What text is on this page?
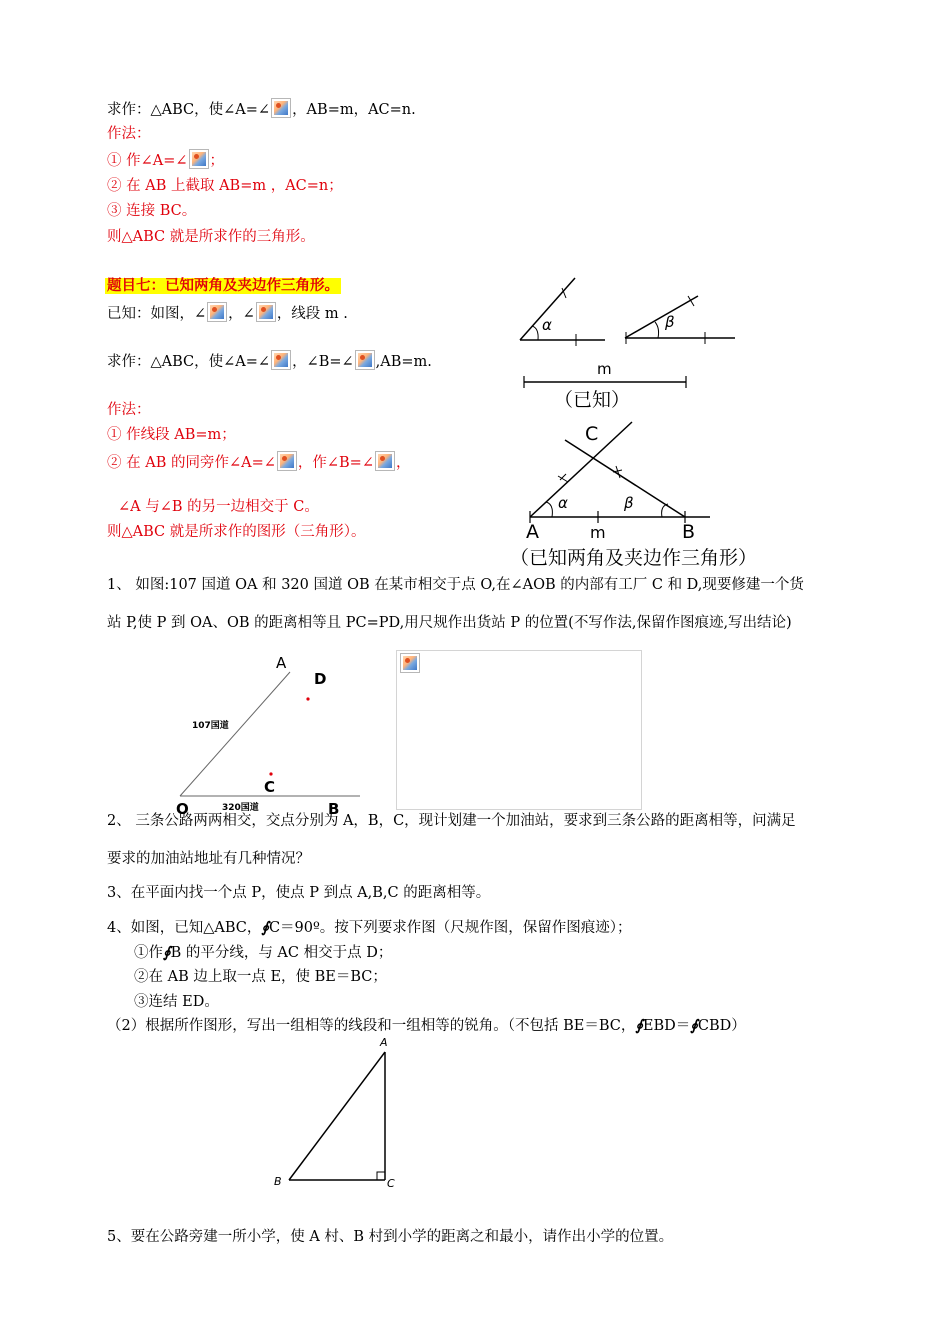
求作：△ABC，使∠A=∠ ，AB=m，AC=n.
作法：
① 作∠A=∠ ；
② 在 AB 上截取 AB=m ，AC=n；
③ 连接 BC。
则△ABC 就是所求作的三角形。
题目七：已知两角及夹边作三角形。
已知：如图，∠ ，∠ ，线段 m .
求作：△ABC，使∠A=∠ ，∠B=∠ ,AB=m.
作法：
① 作线段 AB=m；
② 在 AB 的同旁作∠A=∠ ，作∠B=∠ ，
∠A 与∠B 的另一边相交于 C。
则△ABC 就是所求作的图形（三角形）。
α	β
m
（已知）
C
A	B
m
α	β
（已知两角及夹边作三角形）
1、 如图:107 国道 OA 和 320 国道 OB 在某市相交于点 O,在∠AOB 的内部有工厂 C 和 D,现要修建一个货
站 P,使 P 到 OA、OB 的距离相等且 PC=PD,用尺规作出货站 P 的位置(不写作法,保留作图痕迹,写出结论)
A
D
C
O	B
107国道
320国道
2、 三条公路两两相交，交点分别为 A，B，C，现计划建一个加油站，要求到三条公路的距离相等，问满足
要求的加油站地址有几种情况？
3、在平面内找一个点 P，使点 P 到点 A,B,C 的距离相等。
4、如图，已知△ABC，∮C＝90º。按下列要求作图（尺规作图，保留作图痕迹）；
①作∮B 的平分线，与 AC 相交于点 D；
②在 AB 边上取一点 E，使 BE＝BC；
③连结 ED。
（2）根据所作图形，写出一组相等的线段和一组相等的锐角。（不包括 BE＝BC，∮EBD＝∮CBD）
A
B	C
5、要在公路旁建一所小学，使 A 村、B 村到小学的距离之和最小，请作出小学的位置。
